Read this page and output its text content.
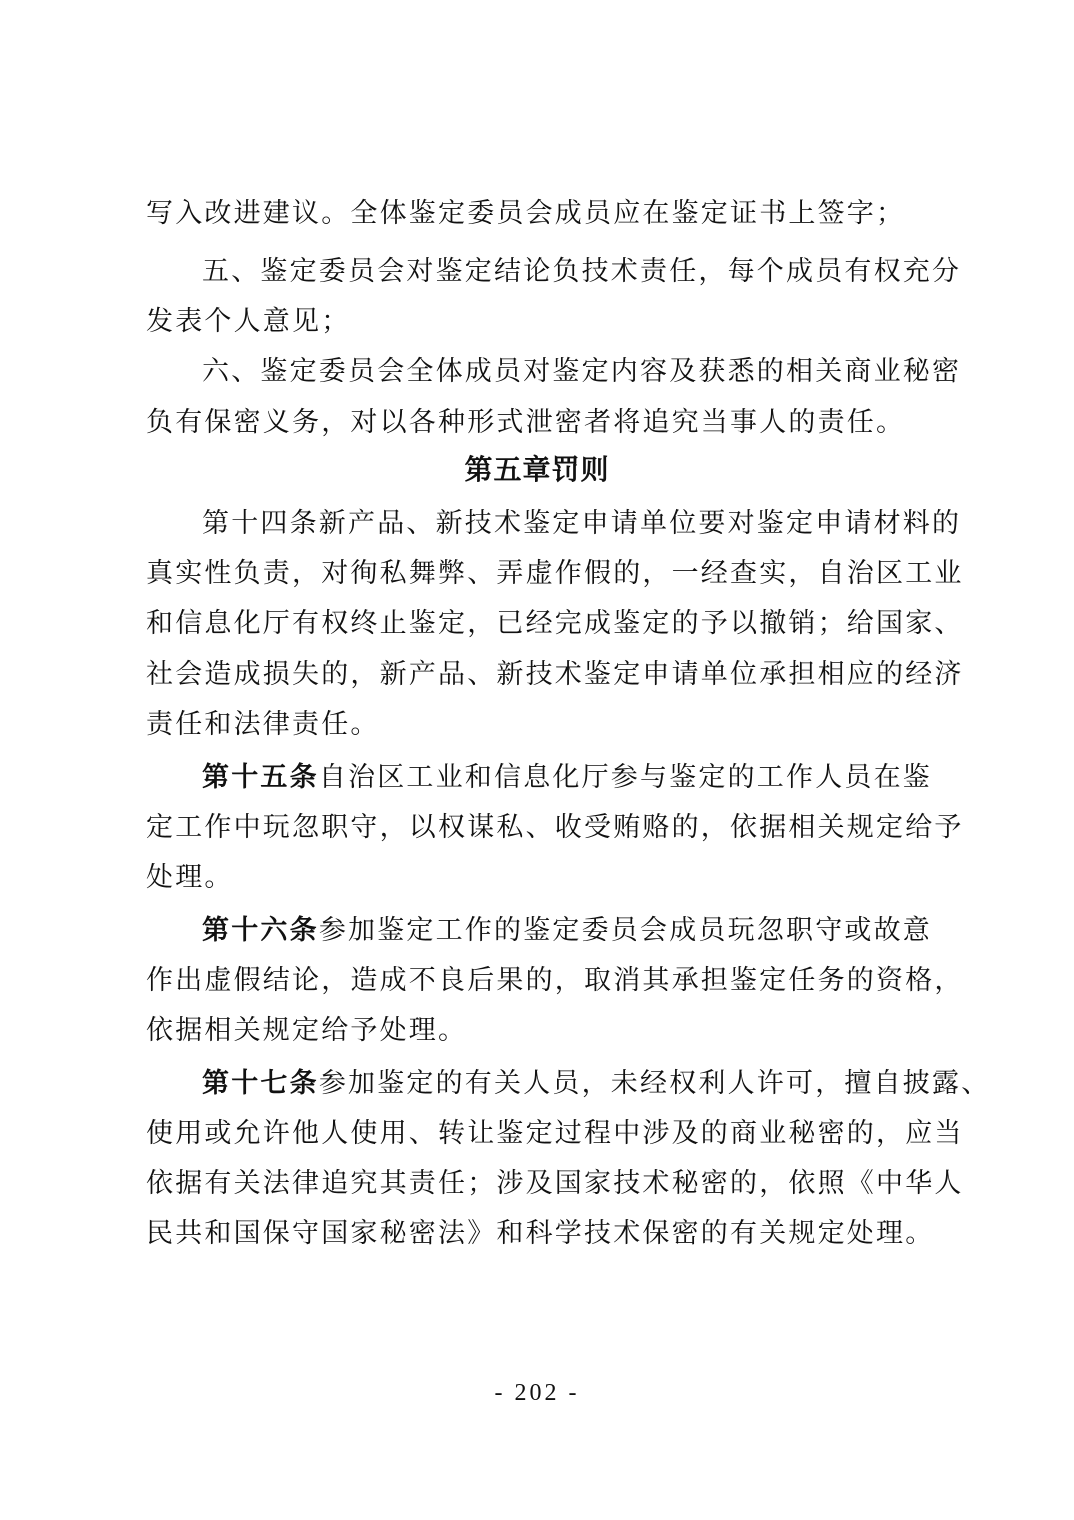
写入改进建议。全体鉴定委员会成员应在鉴定证书上签字；
五、鉴定委员会对鉴定结论负技术责任，每个成员有权充分
发表个人意见；
六、鉴定委员会全体成员对鉴定内容及获悉的相关商业秘密
负有保密义务，对以各种形式泄密者将追究当事人的责任。
第五章罚则
第十四条新产品、新技术鉴定申请单位要对鉴定申请材料的
真实性负责，对徇私舞弊、弄虚作假的，一经查实，自治区工业
和信息化厅有权终止鉴定，已经完成鉴定的予以撤销；给国家、
社会造成损失的，新产品、新技术鉴定申请单位承担相应的经济
责任和法律责任。
第十五条自治区工业和信息化厅参与鉴定的工作人员在鉴
定工作中玩忽职守，以权谋私、收受贿赂的，依据相关规定给予
处理。
第十六条参加鉴定工作的鉴定委员会成员玩忽职守或故意
作出虚假结论，造成不良后果的，取消其承担鉴定任务的资格，
依据相关规定给予处理。
第十七条参加鉴定的有关人员，未经权利人许可，擅自披露、
使用或允许他人使用、转让鉴定过程中涉及的商业秘密的，应当
依据有关法律追究其责任；涉及国家技术秘密的，依照《中华人
民共和国保守国家秘密法》和科学技术保密的有关规定处理。
- 202 -
